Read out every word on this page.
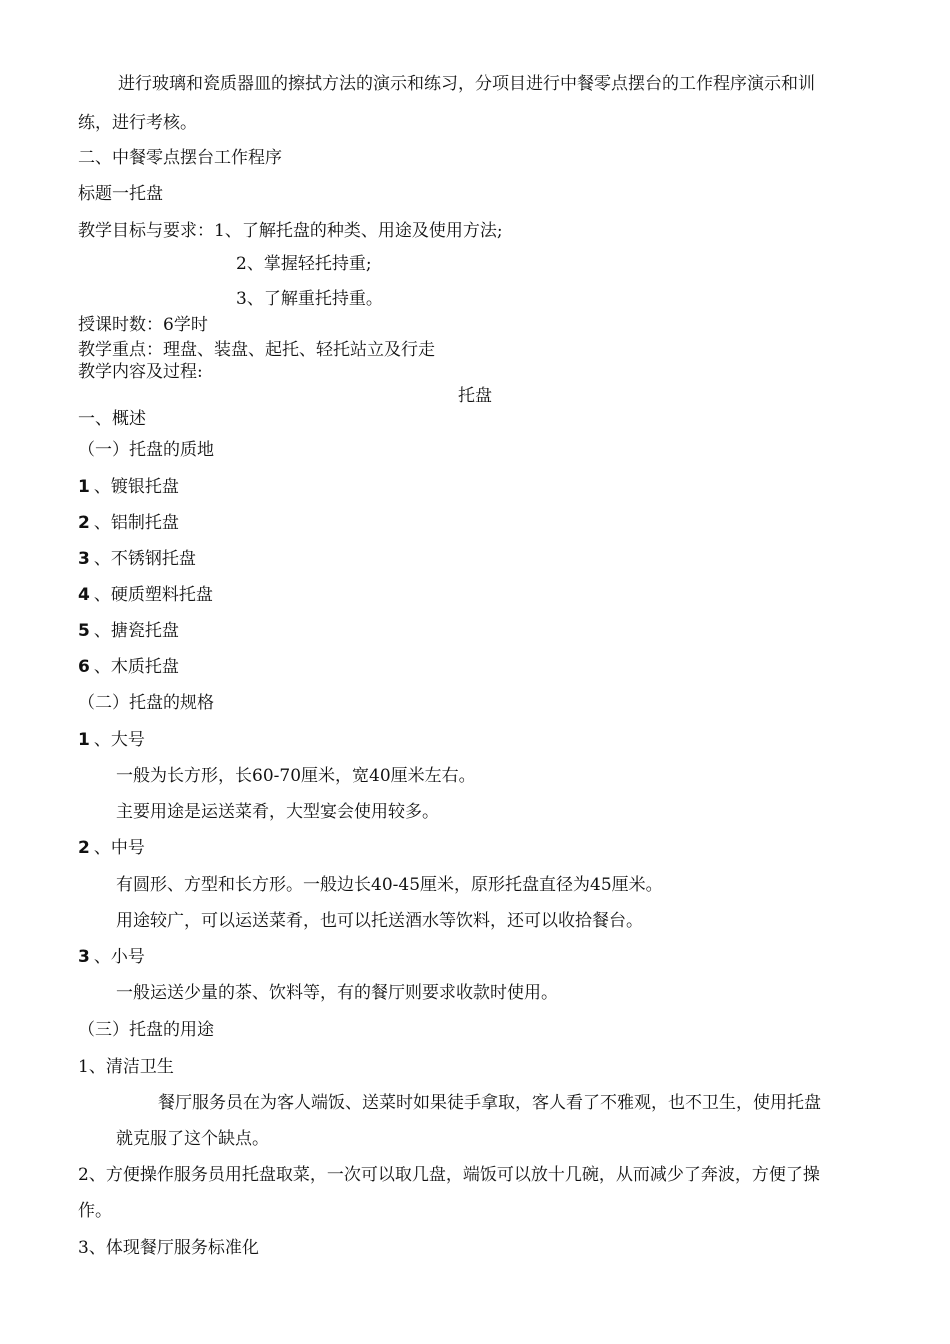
进行玻璃和瓷质器皿的擦拭方法的演示和练习，分项目进行中餐零点摆台的工作程序演示和训

练，进行考核。

二、中餐零点摆台工作程序

标题一托盘

教学目标与要求：1、了解托盘的种类、用途及使用方法;

2、掌握轻托持重;

3、了解重托持重。

授课时数：6学时

教学重点：理盘、装盘、起托、轻托站立及行走

教学内容及过程:

托盘

一、概述

（一）托盘的质地

1 、镀银托盘

2 、铝制托盘

3 、不锈钢托盘

4 、硬质塑料托盘

5 、搪瓷托盘

6 、木质托盘

（二）托盘的规格

1 、大号

一般为长方形，长60-70厘米，宽40厘米左右。

主要用途是运送菜肴，大型宴会使用较多。

2 、中号

有圆形、方型和长方形。一般边长40-45厘米，原形托盘直径为45厘米。

用途较广，可以运送菜肴，也可以托送酒水等饮料，还可以收拾餐台。

3 、小号

一般运送少量的茶、饮料等，有的餐厅则要求收款时使用。

（三）托盘的用途

1、清洁卫生

餐厅服务员在为客人端饭、送菜时如果徒手拿取，客人看了不雅观，也不卫生，使用托盘

就克服了这个缺点。

2、方便操作服务员用托盘取菜，一次可以取几盘，端饭可以放十几碗，从而减少了奔波，方便了操

作。

3、体现餐厅服务标准化
